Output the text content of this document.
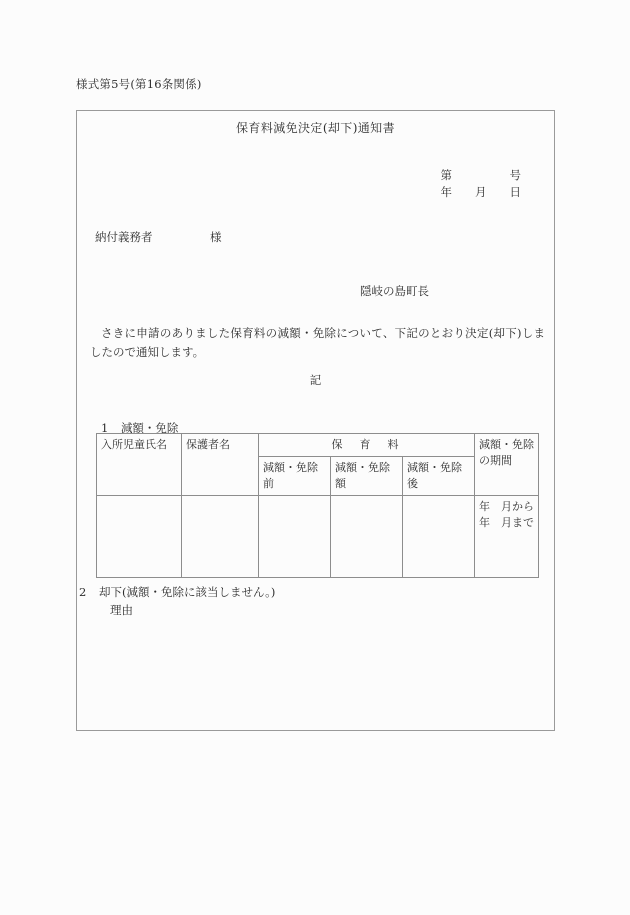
様式第5号(第16条関係)
保育料減免決定(却下)通知書
第　　　　　号
年　　月　　日
納付義務者　　　　　様
隠岐の島町長
さきに申請のありました保育料の減額・免除について、下記のとおり決定(却下)しましたので通知します。
記

1 減額・免除

入所児童氏名	保護者名	保　育　料			減額・免除の期間
		減額・免除前	減額・免除額	減額・免除後	

					年　月から　年　月まで
2 却下(減額・免除に該当しません。)
理由
